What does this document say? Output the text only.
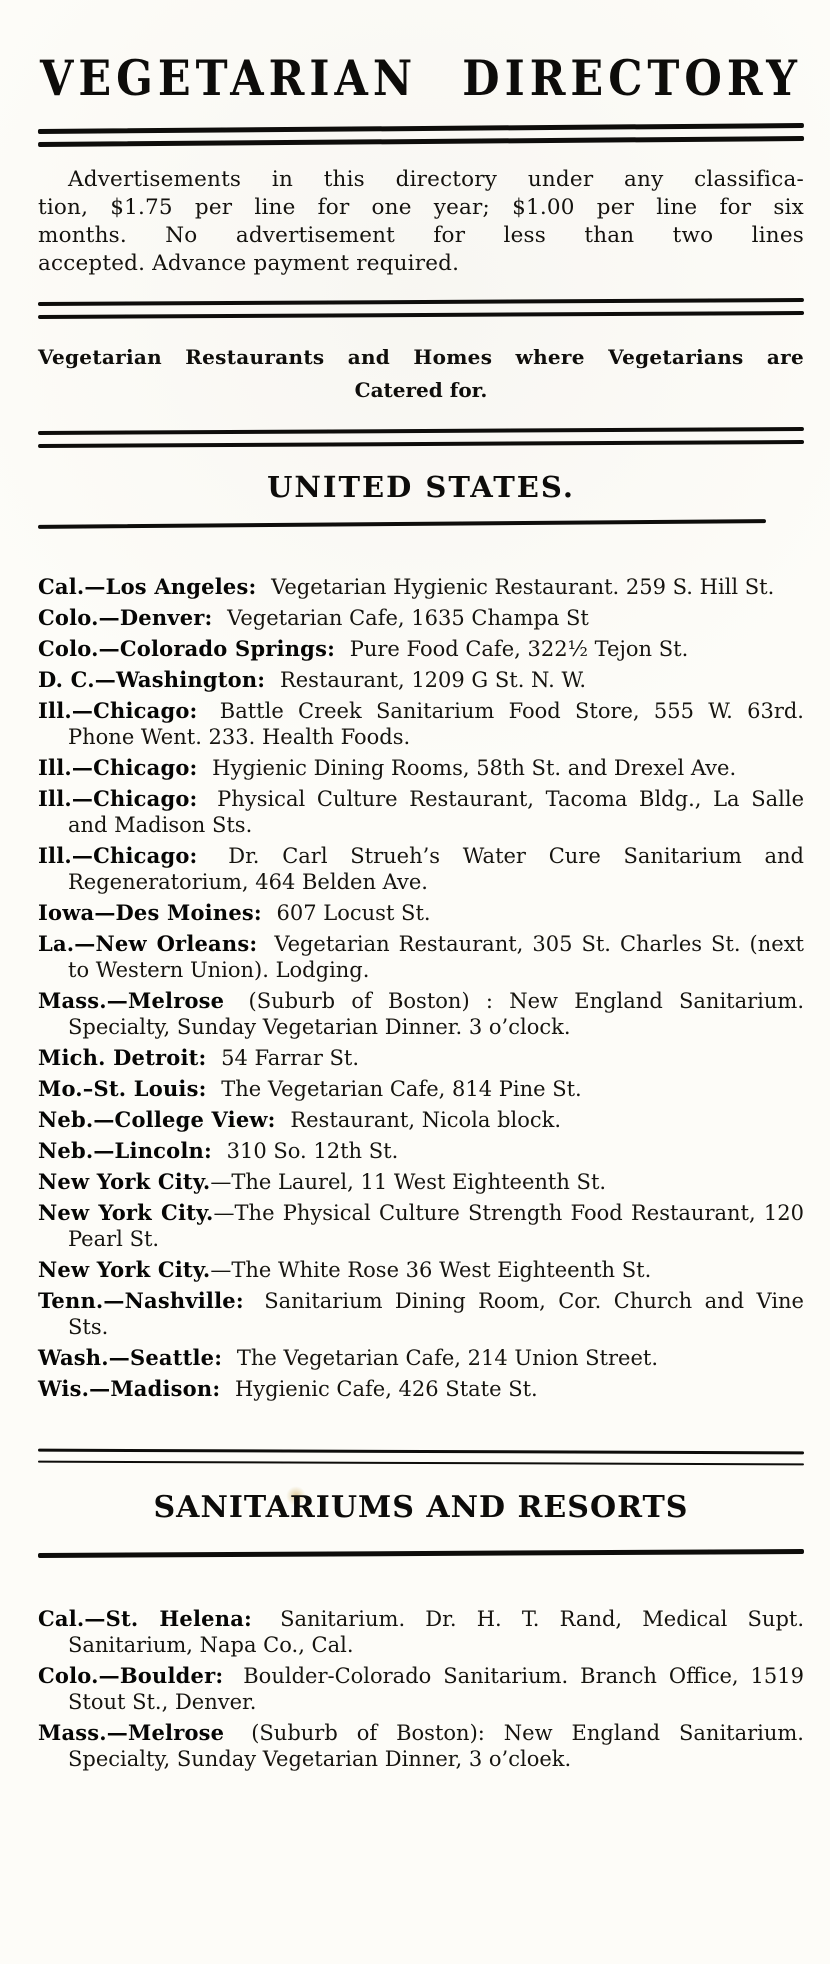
VEGETARIAN DIRECTORY
Advertisements in this directory under any classifica-
tion, $1.75 per line for one year; $1.00 per line for six
months. No advertisement for less than two lines
accepted. Advance payment required.
Vegetarian Restaurants and Homes where Vegetarians are
Catered for.
UNITED STATES.
Cal.—Los Angeles: Vegetarian Hygienic Restaurant. 259 S. Hill St.
Colo.—Denver: Vegetarian Cafe, 1635 Champa St
Colo.—Colorado Springs: Pure Food Cafe, 322½ Tejon St.
D. C.—Washington: Restaurant, 1209 G St. N. W.
Ill.—Chicago: Battle Creek Sanitarium Food Store, 555 W. 63rd. Phone Went. 233. Health Foods.
Ill.—Chicago: Hygienic Dining Rooms, 58th St. and Drexel Ave.
Ill.—Chicago: Physical Culture Restaurant, Tacoma Bldg., La Salle and Madison Sts.
Ill.—Chicago: Dr. Carl Strueh’s Water Cure Sanitarium and Regeneratorium, 464 Belden Ave.
Iowa—Des Moines: 607 Locust St.
La.—New Orleans: Vegetarian Restaurant, 305 St. Charles St. (next to Western Union). Lodging.
Mass.—Melrose (Suburb of Boston) : New England Sanitarium. Specialty, Sunday Vegetarian Dinner. 3 o’clock.
Mich. Detroit: 54 Farrar St.
Mo.–St. Louis: The Vegetarian Cafe, 814 Pine St.
Neb.—College View: Restaurant, Nicola block.
Neb.—Lincoln: 310 So. 12th St.
New York City.—The Laurel, 11 West Eighteenth St.
New York City.—The Physical Culture Strength Food Restaurant, 120 Pearl St.
New York City.—The White Rose 36 West Eighteenth St.
Tenn.—Nashville: Sanitarium Dining Room, Cor. Church and Vine Sts.
Wash.—Seattle: The Vegetarian Cafe, 214 Union Street.
Wis.—Madison: Hygienic Cafe, 426 State St.
SANITARIUMS AND RESORTS
Cal.—St. Helena: Sanitarium. Dr. H. T. Rand, Medical Supt. Sanitarium, Napa Co., Cal.
Colo.—Boulder: Boulder-Colorado Sanitarium. Branch Office, 1519 Stout St., Denver.
Mass.—Melrose (Suburb of Boston): New England Sanitarium. Specialty, Sunday Vegetarian Dinner, 3 o’cloek.
